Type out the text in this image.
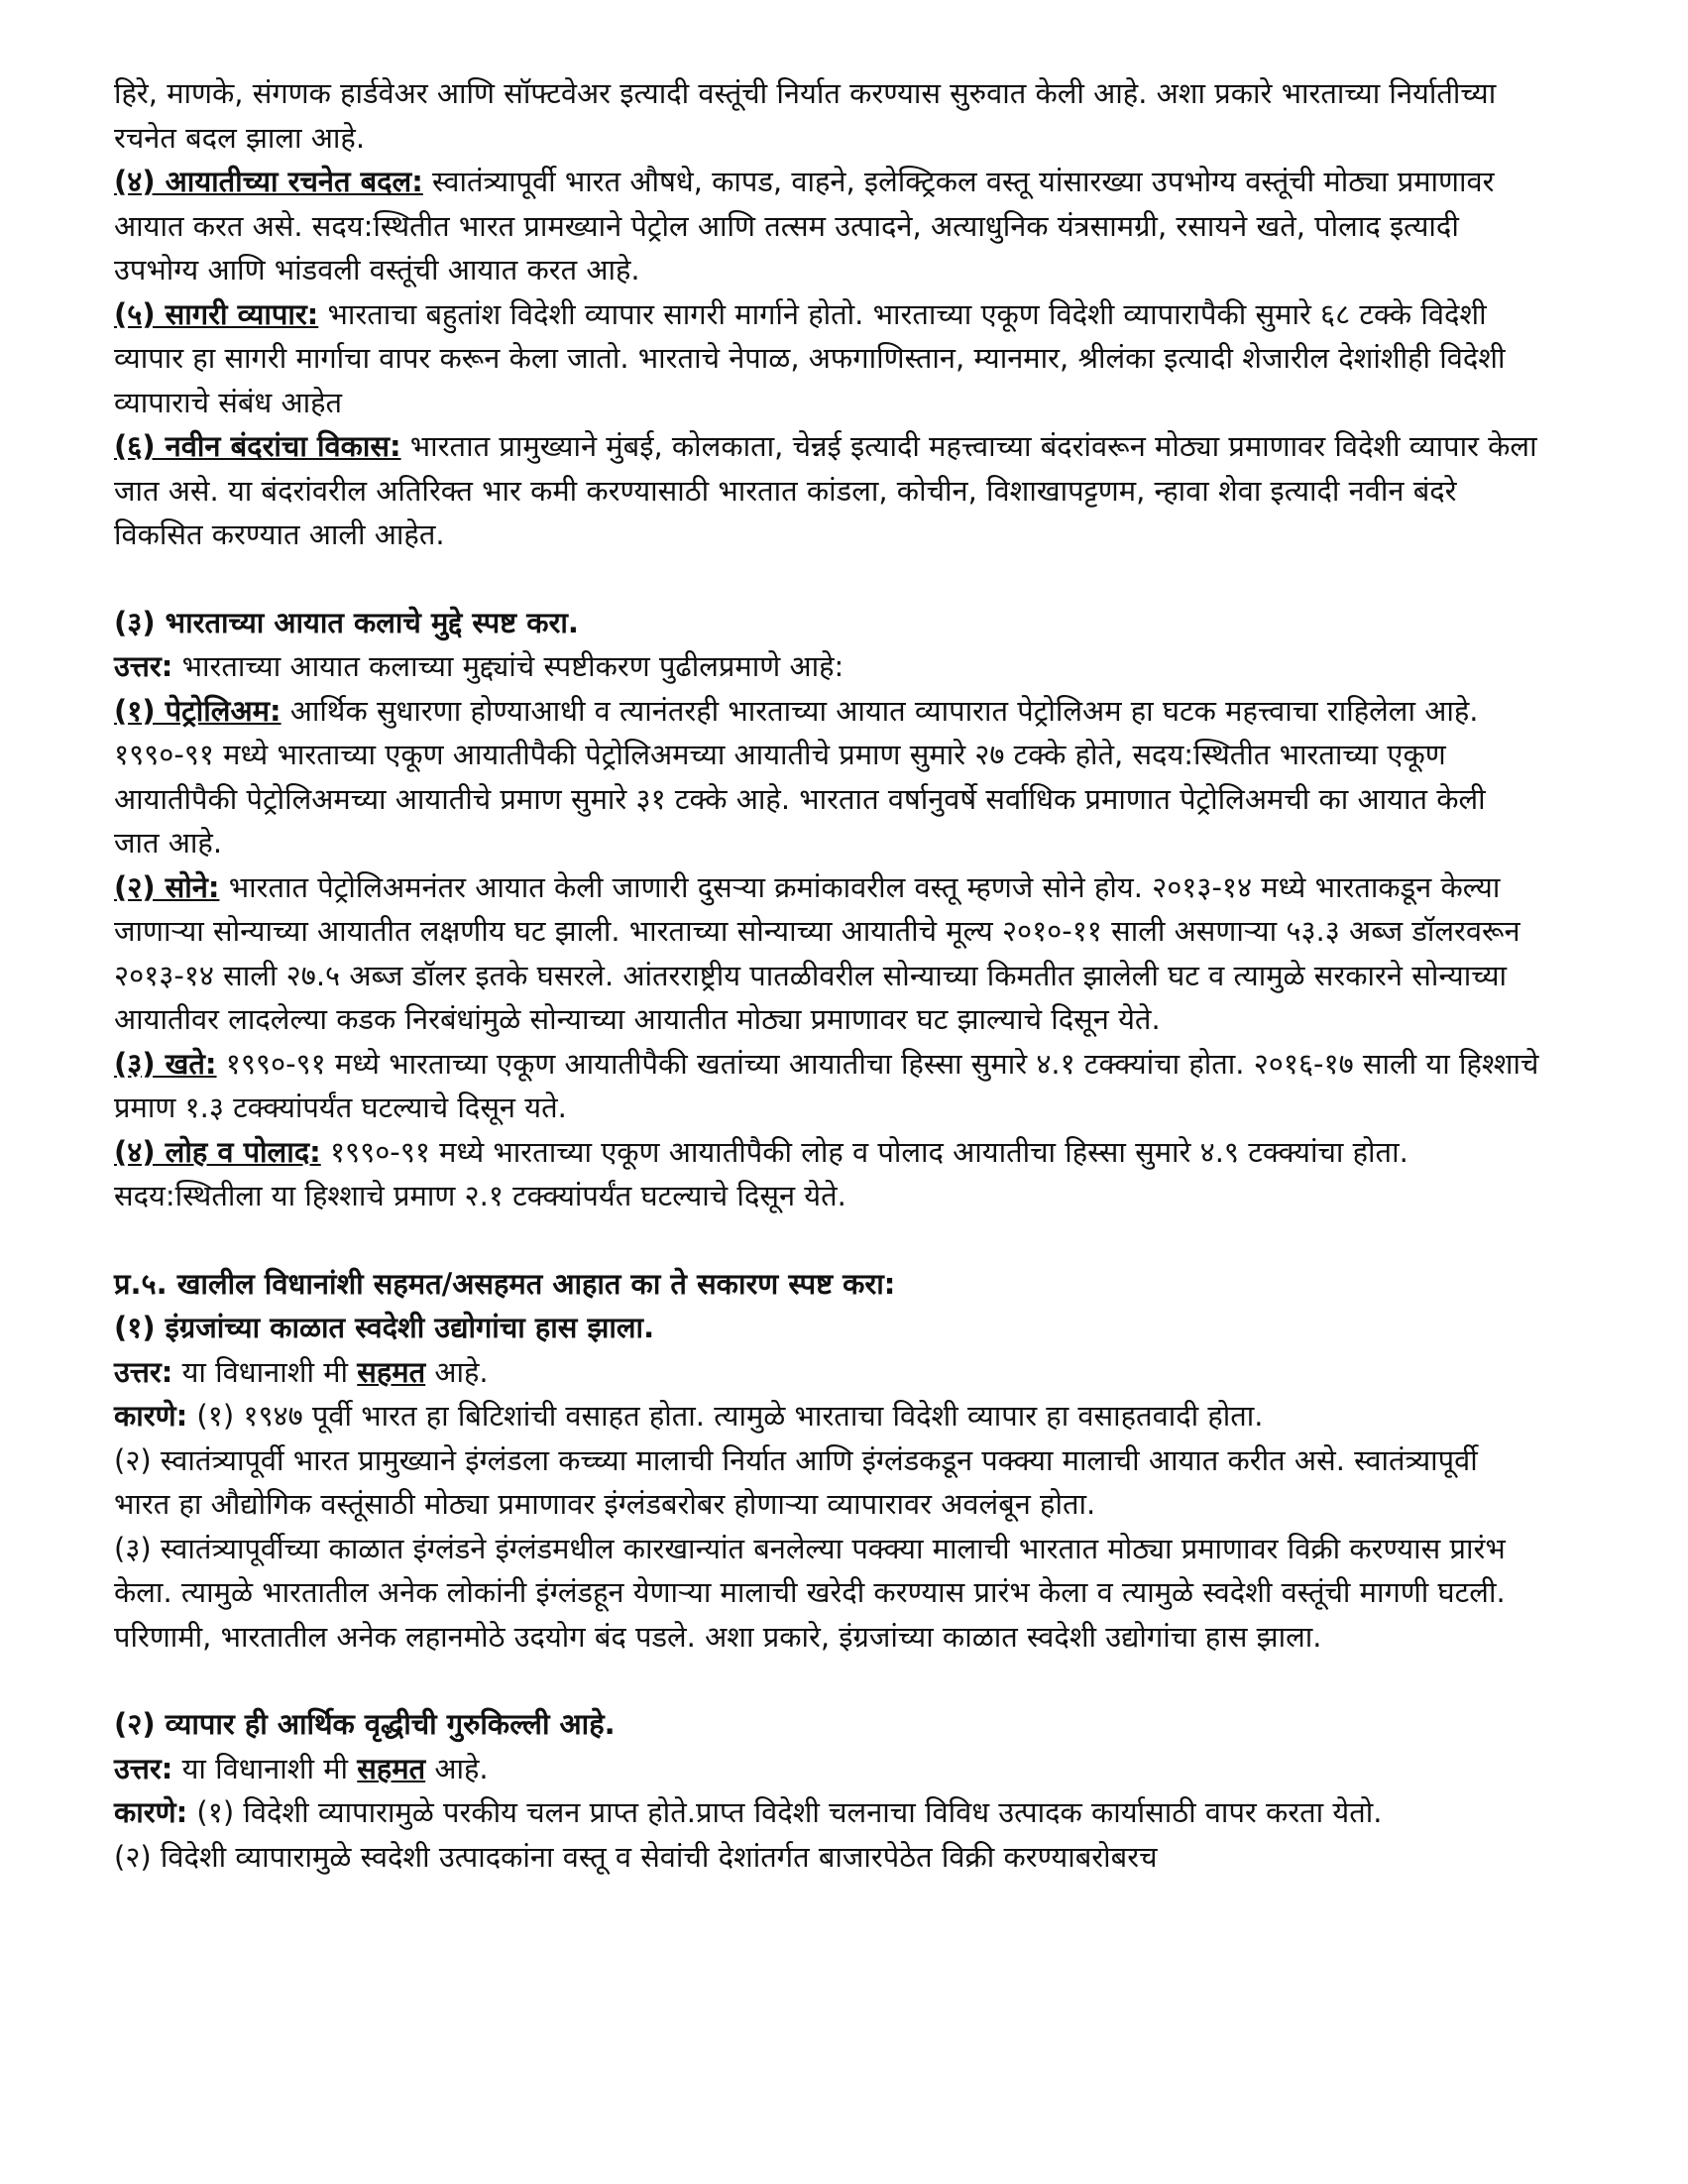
हिरे, माणके, संगणक हार्डवेअर आणि सॉफ्टवेअर इत्यादी वस्तूंची निर्यात करण्यास सुरुवात केली आहे. अशा प्रकारे भारताच्या निर्यातीच्या रचनेत बदल झाला आहे.

(४) आयातीच्या रचनेत बदल: स्वातंत्र्यापूर्वी भारत औषधे, कापड, वाहने, इलेक्ट्रिकल वस्तू यांसारख्या उपभोग्य वस्तूंची मोठ्या प्रमाणावर आयात करत असे. सदय:स्थितीत भारत प्रामख्याने पेट्रोल आणि तत्सम उत्पादने, अत्याधुनिक यंत्रसामग्री, रसायने खते, पोलाद इत्यादी उपभोग्य आणि भांडवली वस्तूंची आयात करत आहे.

(५) सागरी व्यापार: भारताचा बहुतांश विदेशी व्यापार सागरी मार्गाने होतो. भारताच्या एकूण विदेशी व्यापारापैकी सुमारे ६८ टक्के विदेशी व्यापार हा सागरी मार्गाचा वापर करून केला जातो. भारताचे नेपाळ, अफगाणिस्तान, म्यानमार, श्रीलंका इत्यादी शेजारील देशांशीही विदेशी व्यापाराचे संबंध आहेत

(६) नवीन बंदरांचा विकास: भारतात प्रामुख्याने मुंबई, कोलकाता, चेन्नई इत्यादी महत्त्वाच्या बंदरांवरून मोठ्या प्रमाणावर विदेशी व्यापार केला जात असे. या बंदरांवरील अतिरिक्त भार कमी करण्यासाठी भारतात कांडला, कोचीन, विशाखापट्टणम, न्हावा शेवा इत्यादी नवीन बंदरे विकसित करण्यात आली आहेत.

(३) भारताच्या आयात कलाचे मुद्दे स्पष्ट करा.

उत्तर: भारताच्या आयात कलाच्या मुद्द्यांचे स्पष्टीकरण पुढीलप्रमाणे आहे:

(१) पेट्रोलिअम: आर्थिक सुधारणा होण्याआधी व त्यानंतरही भारताच्या आयात व्यापारात पेट्रोलिअम हा घटक महत्त्वाचा राहिलेला आहे. १९९०-९१ मध्ये भारताच्या एकूण आयातीपैकी पेट्रोलिअमच्या आयातीचे प्रमाण सुमारे २७ टक्के होते, सदय:स्थितीत भारताच्या एकूण आयातीपैकी पेट्रोलिअमच्या आयातीचे प्रमाण सुमारे ३१ टक्के आहे. भारतात वर्षानुवर्षे सर्वाधिक प्रमाणात पेट्रोलिअमची का आयात केली जात आहे.

(२) सोने: भारतात पेट्रोलिअमनंतर आयात केली जाणारी दुसऱ्या क्रमांकावरील वस्तू म्हणजे सोने होय. २०१३-१४ मध्ये भारताकडून केल्या जाणाऱ्या सोन्याच्या आयातीत लक्षणीय घट झाली. भारताच्या सोन्याच्या आयातीचे मूल्य २०१०-११ साली असणाऱ्या ५३.३ अब्ज डॉलरवरून २०१३-१४ साली २७.५ अब्ज डॉलर इतके घसरले. आंतरराष्ट्रीय पातळीवरील सोन्याच्या किमतीत झालेली घट व त्यामुळे सरकारने सोन्याच्या आयातीवर लादलेल्या कडक निरबंधांमुळे सोन्याच्या आयातीत मोठ्या प्रमाणावर घट झाल्याचे दिसून येते.

(३) खते: १९९०-९१ मध्ये भारताच्या एकूण आयातीपैकी खतांच्या आयातीचा हिस्सा सुमारे ४.१ टक्क्यांचा होता. २०१६-१७ साली या हिश्शाचे प्रमाण १.३ टक्क्यांपर्यंत घटल्याचे दिसून यते.

(४) लोह व पोलाद: १९९०-९१ मध्ये भारताच्या एकूण आयातीपैकी लोह व पोलाद आयातीचा हिस्सा सुमारे ४.९ टक्क्यांचा होता. सदय:स्थितीला या हिश्शाचे प्रमाण २.१ टक्क्यांपर्यंत घटल्याचे दिसून येते.

प्र.५. खालील विधानांशी सहमत/असहमत आहात का ते सकारण स्पष्ट करा:

(१) इंग्रजांच्या काळात स्वदेशी उद्योगांचा हास झाला.

उत्तर: या विधानाशी मी सहमत आहे.

कारणे: (१) १९४७ पूर्वी भारत हा बिटिशांची वसाहत होता. त्यामुळे भारताचा विदेशी व्यापार हा वसाहतवादी होता.

(२) स्वातंत्र्यापूर्वी भारत प्रामुख्याने इंग्लंडला कच्च्या मालाची निर्यात आणि इंग्लंडकडून पक्क्या मालाची आयात करीत असे. स्वातंत्र्यापूर्वी भारत हा औद्योगिक वस्तूंसाठी मोठ्या प्रमाणावर इंग्लंडबरोबर होणाऱ्या व्यापारावर अवलंबून होता.

(३) स्वातंत्र्यापूर्वीच्या काळात इंग्लंडने इंग्लंडमधील कारखान्यांत बनलेल्या पक्क्या मालाची भारतात मोठ्या प्रमाणावर विक्री करण्यास प्रारंभ केला. त्यामुळे भारतातील अनेक लोकांनी इंग्लंडहून येणाऱ्या मालाची खरेदी करण्यास प्रारंभ केला व त्यामुळे स्वदेशी वस्तूंची मागणी घटली. परिणामी, भारतातील अनेक लहानमोठे उदयोग बंद पडले. अशा प्रकारे, इंग्रजांच्या काळात स्वदेशी उद्योगांचा हास झाला.

(२) व्यापार ही आर्थिक वृद्धीची गुरुकिल्ली आहे.

उत्तर: या विधानाशी मी सहमत आहे.

कारणे: (१) विदेशी व्यापारामुळे परकीय चलन प्राप्त होते.प्राप्त विदेशी चलनाचा विविध उत्पादक कार्यासाठी वापर करता येतो.

(२) विदेशी व्यापारामुळे स्वदेशी उत्पादकांना वस्तू व सेवांची देशांतर्गत बाजारपेठेत विक्री करण्याबरोबरच
